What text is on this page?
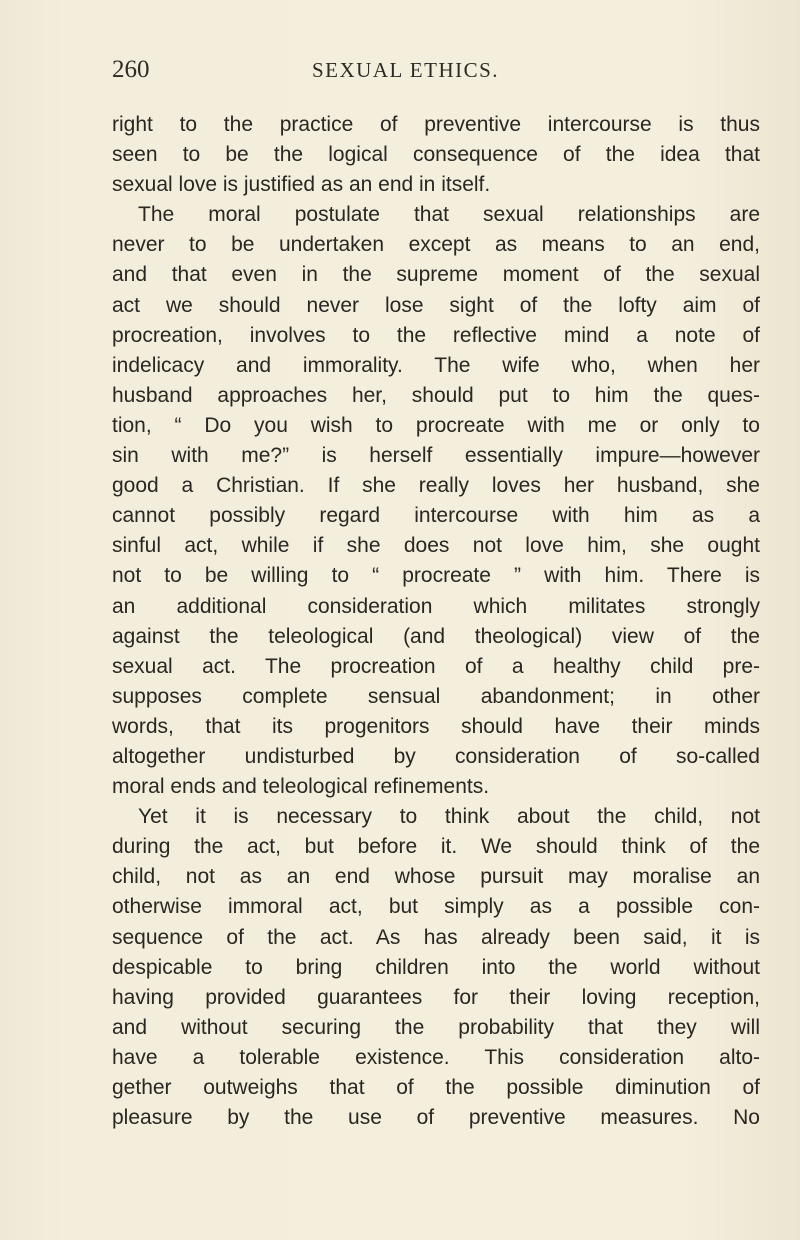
260	SEXUAL ETHICS.
right to the practice of preventive intercourse is thus
seen to be the logical consequence of the idea that
sexual love is justified as an end in itself.
The moral postulate that sexual relationships are
never to be undertaken except as means to an end,
and that even in the supreme moment of the sexual
act we should never lose sight of the lofty aim of
procreation, involves to the reflective mind a note of
indelicacy and immorality. The wife who, when her
husband approaches her, should put to him the ques-
tion, “ Do you wish to procreate with me or only to
sin with me?” is herself essentially impure—however
good a Christian. If she really loves her husband, she
cannot possibly regard intercourse with him as a
sinful act, while if she does not love him, she ought
not to be willing to “ procreate ” with him. There is
an additional consideration which militates strongly
against the teleological (and theological) view of the
sexual act. The procreation of a healthy child pre-
supposes complete sensual abandonment; in other
words, that its progenitors should have their minds
altogether undisturbed by consideration of so-called
moral ends and teleological refinements.
Yet it is necessary to think about the child, not
during the act, but before it. We should think of the
child, not as an end whose pursuit may moralise an
otherwise immoral act, but simply as a possible con-
sequence of the act. As has already been said, it is
despicable to bring children into the world without
having provided guarantees for their loving reception,
and without securing the probability that they will
have a tolerable existence. This consideration alto-
gether outweighs that of the possible diminution of
pleasure by the use of preventive measures. No
